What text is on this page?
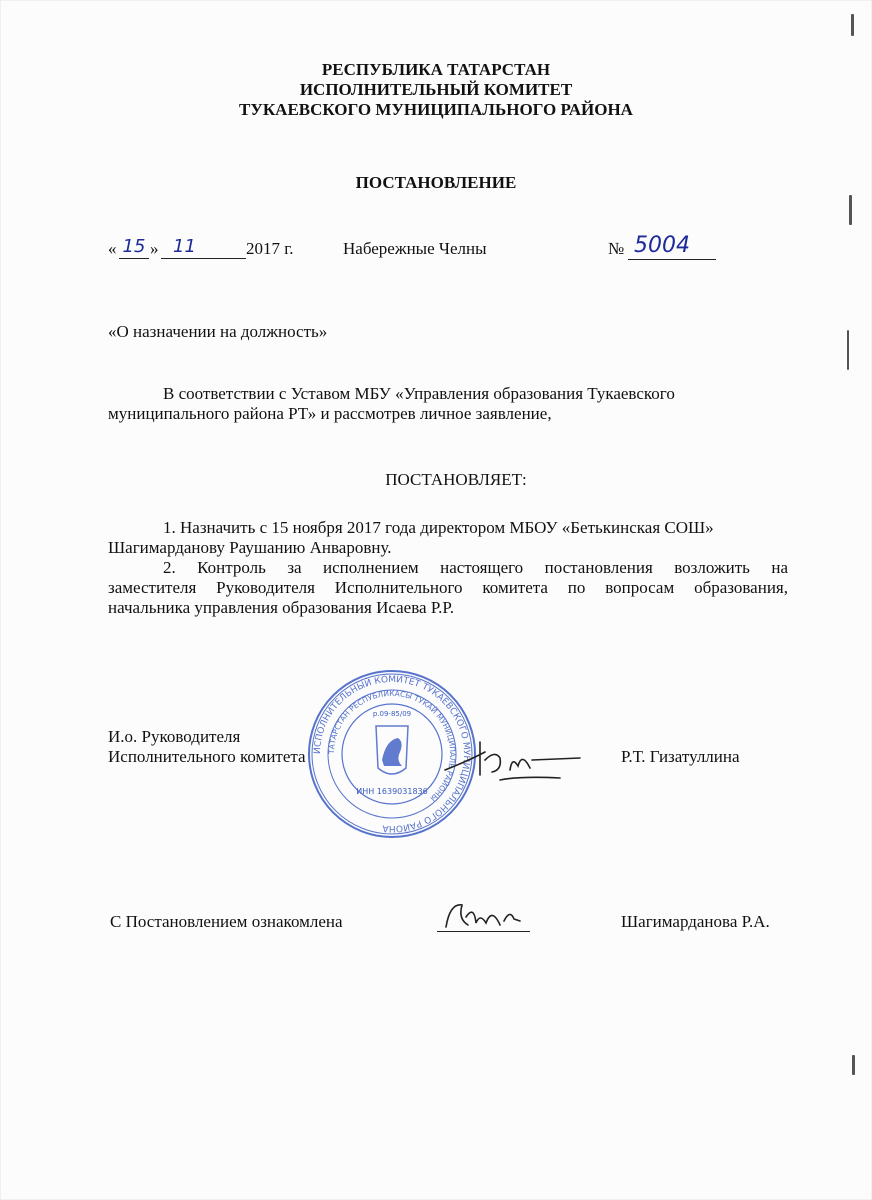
РЕСПУБЛИКА ТАТАРСТАН
ИСПОЛНИТЕЛЬНЫЙ КОМИТЕТ
ТУКАЕВСКОГО МУНИЦИПАЛЬНОГО РАЙОНА
ПОСТАНОВЛЕНИЕ
« 15 » 11	2017 г.	Набережные Челны	№ 5004
«О назначении на должность»
В соответствии с Уставом МБУ «Управления образования Тукаевского
муниципального района РТ» и рассмотрев личное заявление,
ПОСТАНОВЛЯЕТ:
1. Назначить с 15 ноября 2017 года директором МБОУ «Бетькинская СОШ»
Шагимарданову Раушанию Анваровну.
2. Контроль за исполнением настоящего постановления возложить на
заместителя Руководителя Исполнительного комитета по вопросам образования,
начальника управления образования Исаева Р.Р.
И.о. Руководителя
Исполнительного комитета	Р.Т. Гизатуллина
ИСПОЛНИТЕЛЬНЫЙ КОМИТЕТ ТУКАЕВСКОГО МУНИЦИПАЛЬНОГО РАЙОНА
ТАТАРСТАН РЕСПУБЛИКАСЫ ТУКАЙ МУНИЦИПАЛЬ РАЙОНЫ
р.09-85/09
ИНН 1639031836
С Постановлением ознакомлена	Шагимарданова Р.А.
